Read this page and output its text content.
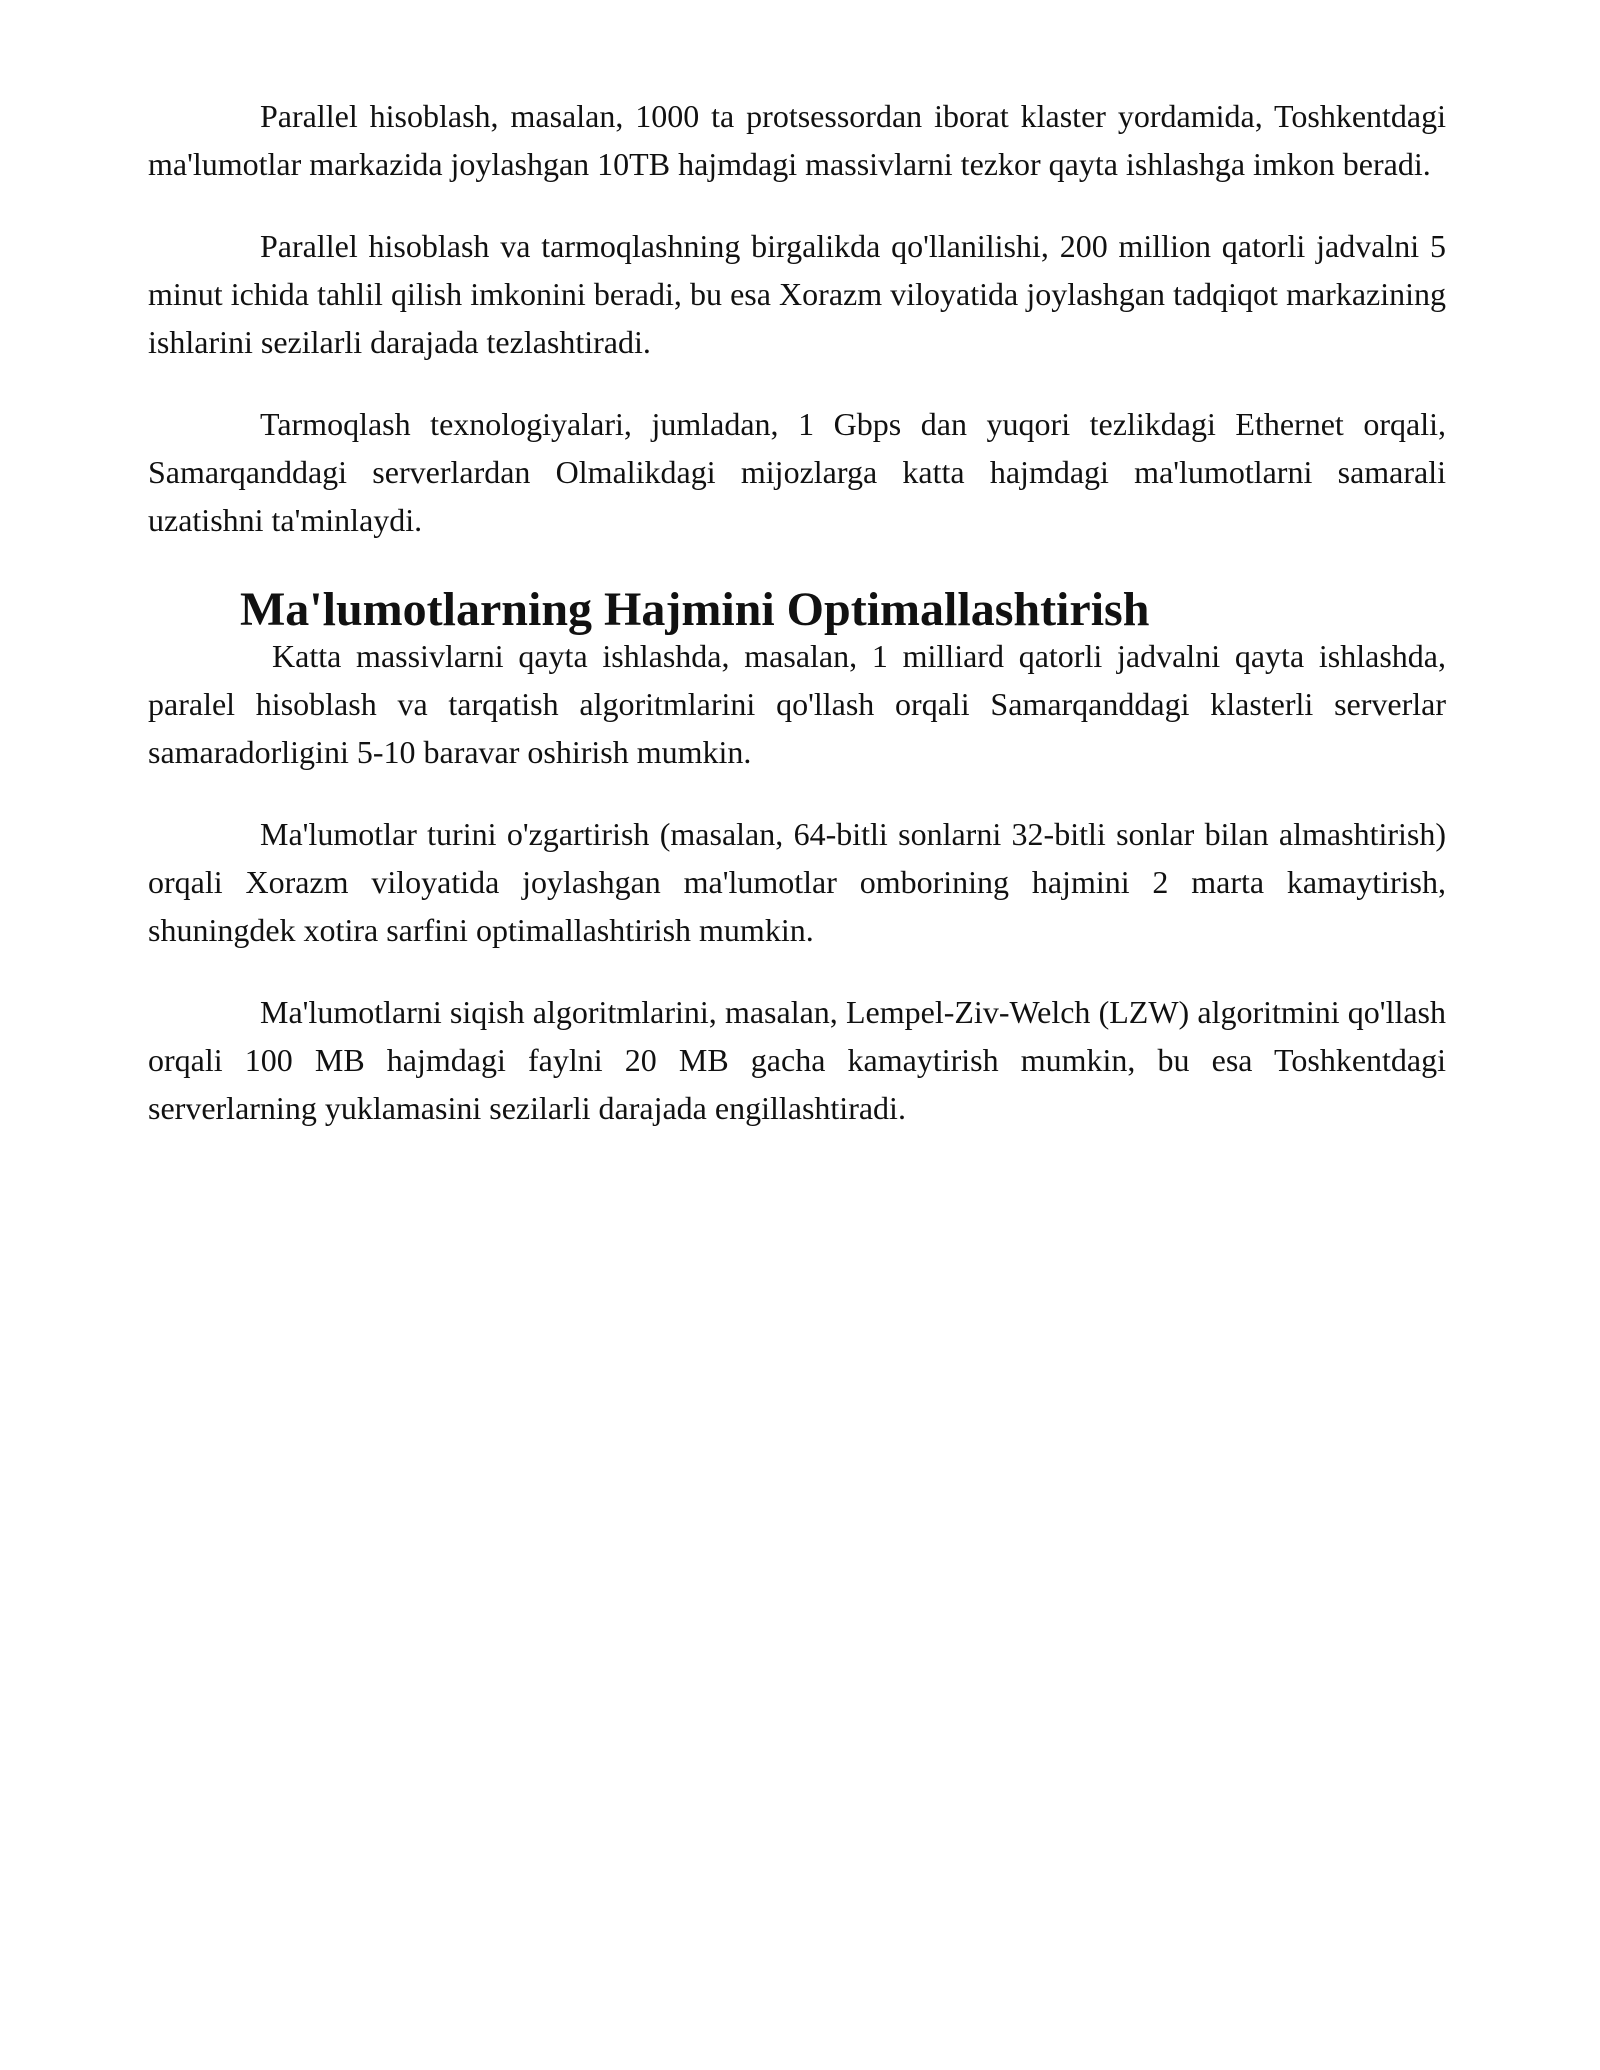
Parallel hisoblash, masalan, 1000 ta protsessordan iborat klaster yordamida, Toshkentdagi ma'lumotlar markazida joylashgan 10TB hajmdagi massivlarni tezkor qayta ishlashga imkon beradi.

Parallel hisoblash va tarmoqlashning birgalikda qo'llanilishi, 200 million qatorli jadvalni 5 minut ichida tahlil qilish imkonini beradi, bu esa Xorazm viloyatida joylashgan tadqiqot markazining ishlarini sezilarli darajada tezlashtiradi.

Tarmoqlash texnologiyalari, jumladan, 1 Gbps dan yuqori tezlikdagi Ethernet orqali, Samarqanddagi serverlardan Olmalikdagi mijozlarga katta hajmdagi ma'lumotlarni samarali uzatishni ta'minlaydi.

Ma'lumotlarning Hajmini Optimallashtirish

Katta massivlarni qayta ishlashda, masalan, 1 milliard qatorli jadvalni qayta ishlashda, paralel hisoblash va tarqatish algoritmlarini qo'llash orqali Samarqanddagi klasterli serverlar samaradorligini 5-10 baravar oshirish mumkin.

Ma'lumotlar turini o'zgartirish (masalan, 64-bitli sonlarni 32-bitli sonlar bilan almashtirish) orqali Xorazm viloyatida joylashgan ma'lumotlar omborining hajmini 2 marta kamaytirish, shuningdek xotira sarfini optimallashtirish mumkin.

Ma'lumotlarni siqish algoritmlarini, masalan, Lempel-Ziv-Welch (LZW) algoritmini qo'llash orqali 100 MB hajmdagi faylni 20 MB gacha kamaytirish mumkin, bu esa Toshkentdagi serverlarning yuklamasini sezilarli darajada engillashtiradi.
